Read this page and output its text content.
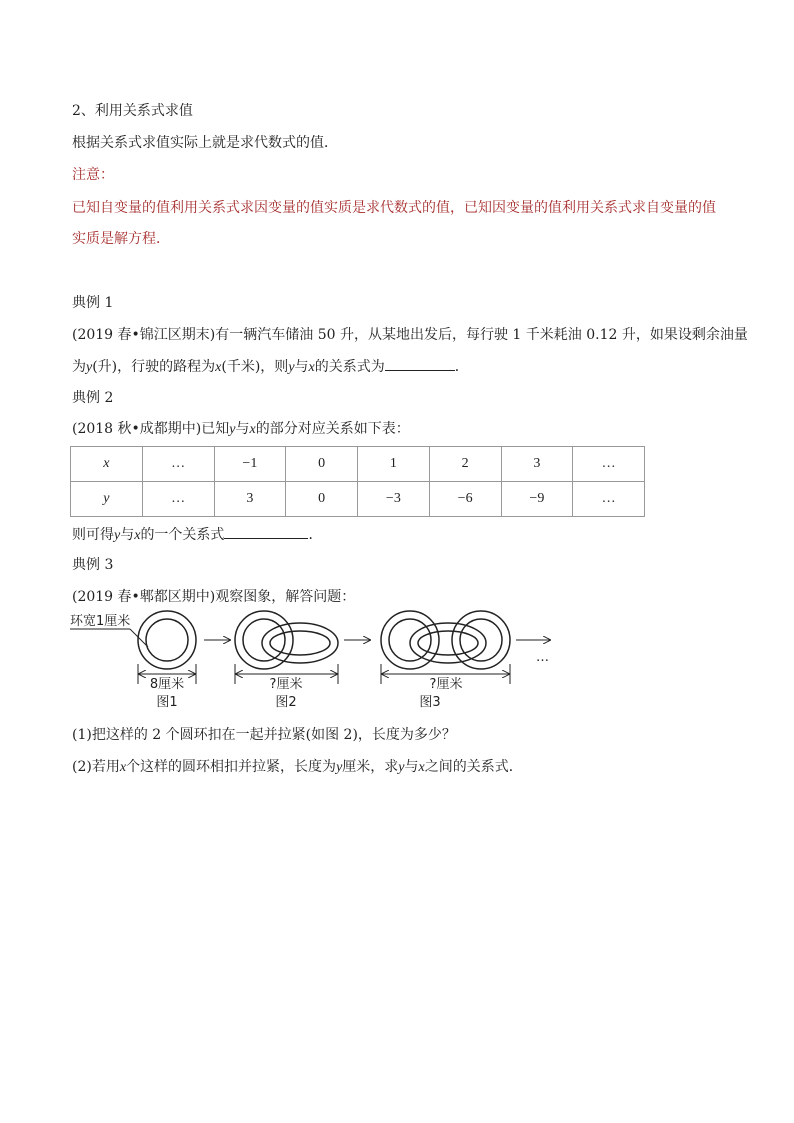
2、利用关系式求值
根据关系式求值实际上就是求代数式的值．
注意：
已知自变量的值利用关系式求因变量的值实质是求代数式的值，已知因变量的值利用关系式求自变量的值
实质是解方程．
典例 1
(2019 春•锦江区期末)有一辆汽车储油 50 升，从某地出发后，每行驶 1 千米耗油 0.12 升，如果设剩余油量
为y(升)，行驶的路程为x(千米)，则y与x的关系式为	．
典例 2
(2018 秋•成都期中)已知y与x的部分对应关系如下表：
x	…	−1	0	1	2	3	…
y	…	3	0	−3	−6	−9	…
则可得y与x的一个关系式	．
典例 3
(2019 春•郫都区期中)观察图象，解答问题：
环宽1厘米
8厘米
图1
?厘米
图2
?厘米
图3
…
(1)把这样的 2 个圆环扣在一起并拉紧(如图 2)，长度为多少？
(2)若用x个这样的圆环相扣并拉紧，长度为y厘米，求y与x之间的关系式．
